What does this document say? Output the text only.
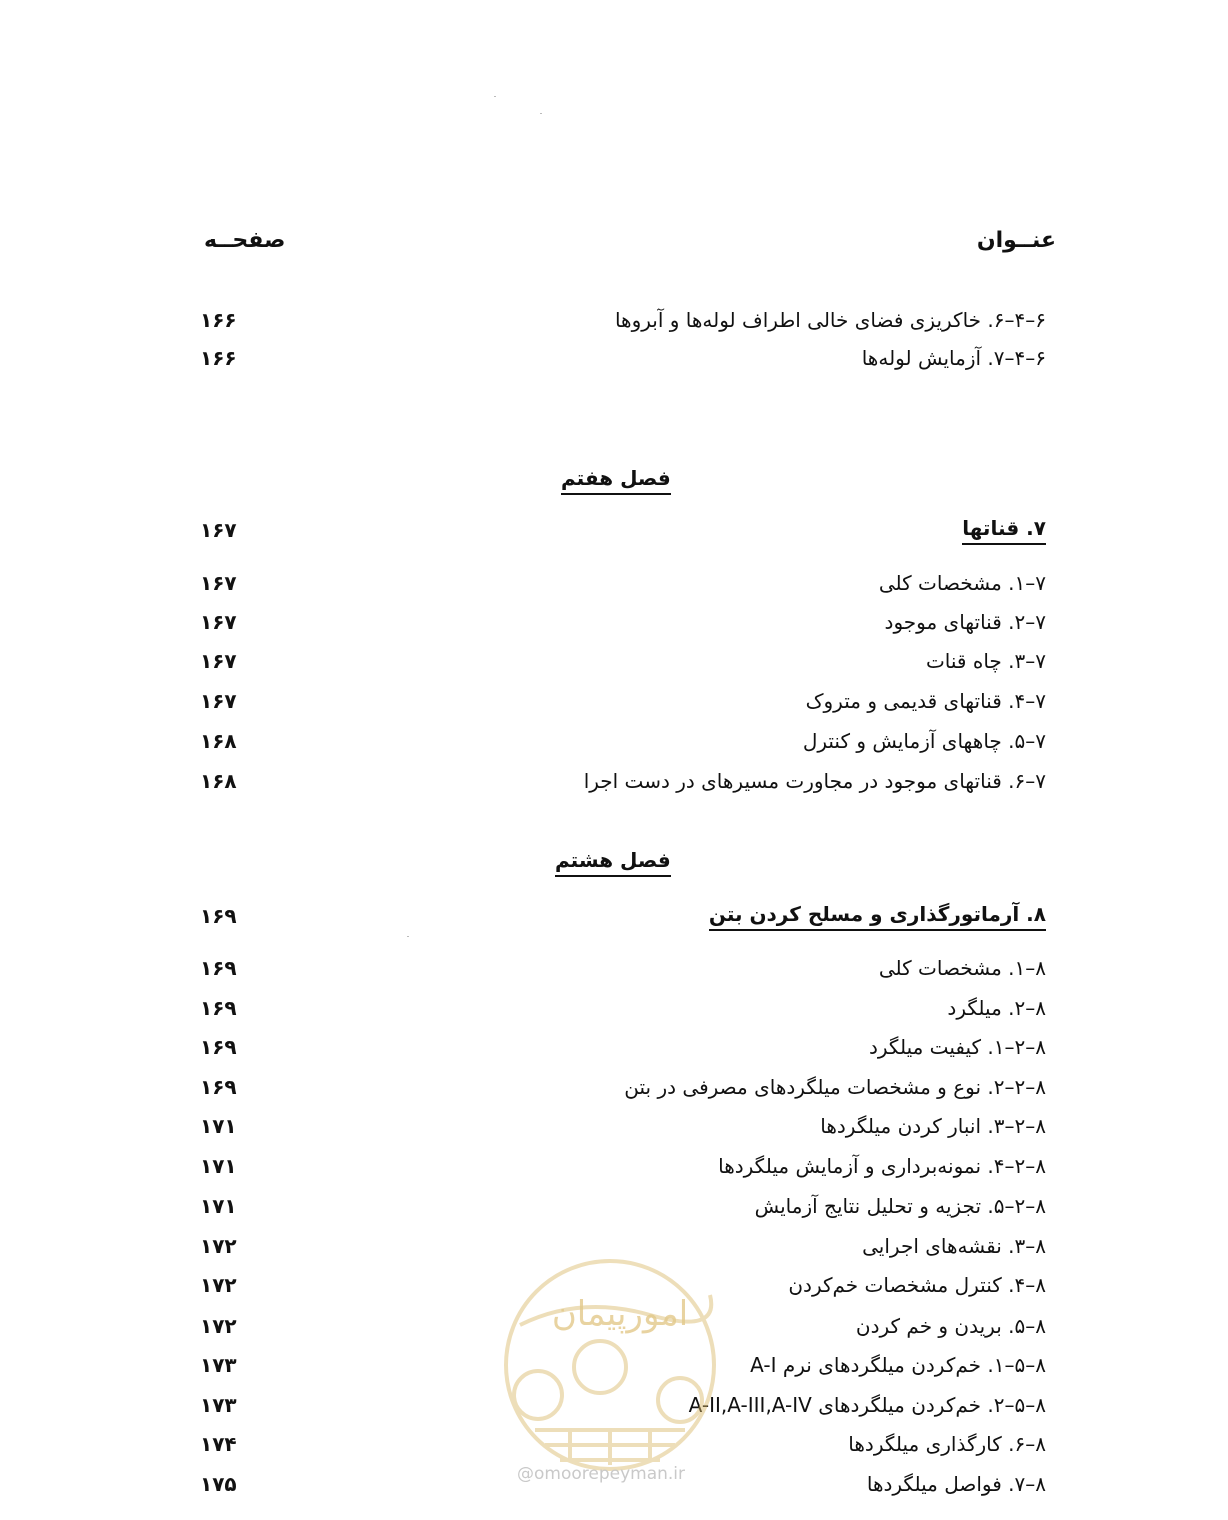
عنــوان
صفحــه
۶–۴–۶. خاکریزی فضای خالی اطراف لوله‌ها و آبروها
۱۶۶
۶–۴–۷. آزمایش لوله‌ها
۱۶۶
فصل هفتم
۷. قناتها
۱۶۷
۷–۱. مشخصات کلی
۱۶۷
۷–۲. قناتهای موجود
۱۶۷
۷–۳. چاه قنات
۱۶۷
۷–۴. قناتهای قدیمی و متروک
۱۶۷
۷–۵. چاههای آزمایش و کنترل
۱۶۸
۷–۶. قناتهای موجود در مجاورت مسیرهای در دست اجرا
۱۶۸
فصل هشتم
۸. آرماتورگذاری و مسلح کردن بتن
۱۶۹
۸–۱. مشخصات کلی
۱۶۹
۸–۲. میلگرد
۱۶۹
۸–۲–۱. کیفیت میلگرد
۱۶۹
۸–۲–۲. نوع و مشخصات میلگردهای مصرفی در بتن
۱۶۹
۸–۲–۳. انبار کردن میلگردها
۱۷۱
۸–۲–۴. نمونه‌برداری و آزمایش میلگردها
۱۷۱
۸–۲–۵. تجزیه و تحلیل نتایج آزمایش
۱۷۱
۸–۳. نقشه‌های اجرایی
۱۷۲
۸–۴. کنترل مشخصات خم‌کردن
۱۷۲
۸–۵. بریدن و خم کردن
۱۷۲
۸–۵–۱. خم‌کردن میلگردهای نرم A-I
۱۷۳
۸–۵–۲. خم‌کردن میلگردهای A-II,A-III,A-IV
۱۷۳
۸–۶. کارگذاری میلگردها
۱۷۴
۸–۷. فواصل میلگردها
۱۷۵
امورپیمان
@omoorepeyman.ir
